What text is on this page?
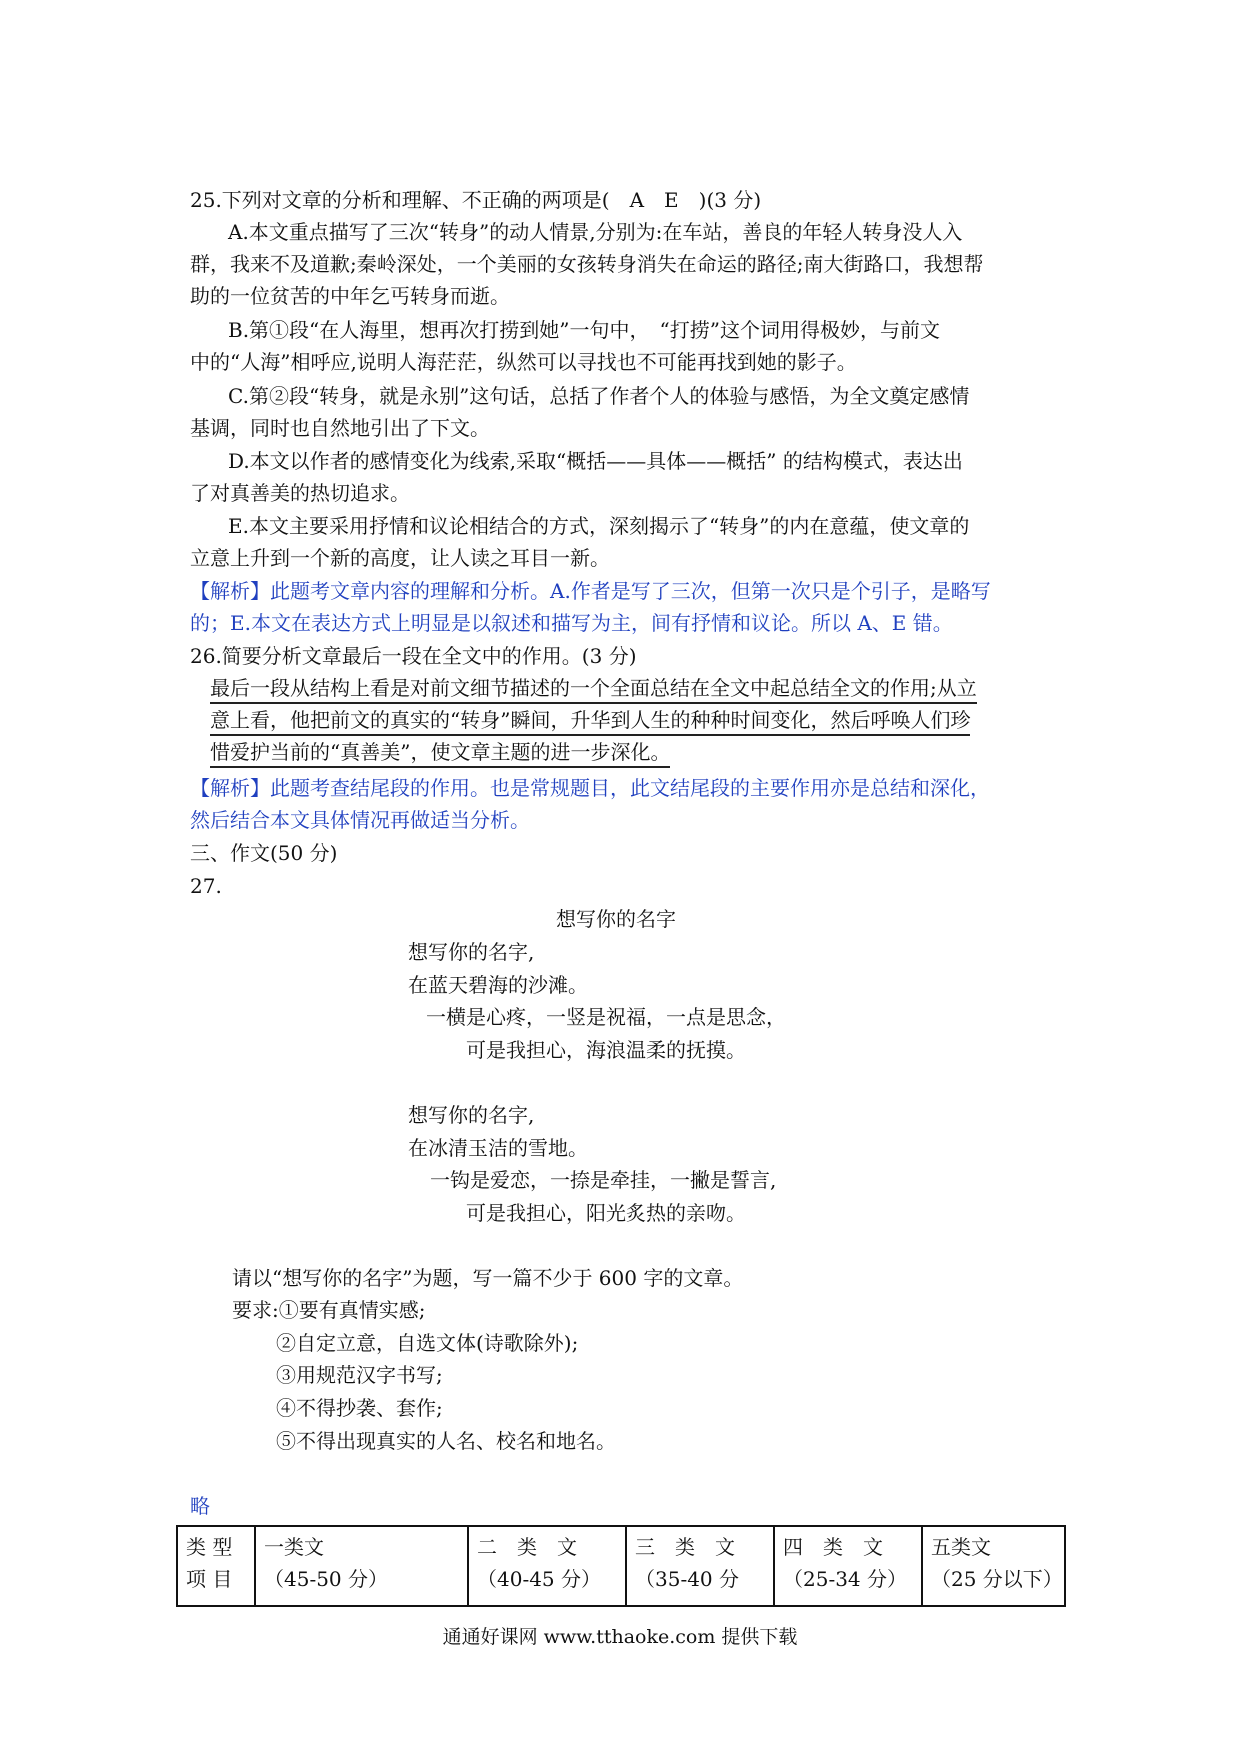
25.下列对文章的分析和理解、不正确的两项是(　A　E　)(3 分)
A.本文重点描写了三次“转身”的动人情景,分别为:在车站，善良的年轻人转身没人入
群，我来不及道歉;秦岭深处，一个美丽的女孩转身消失在命运的路径;南大街路口，我想帮
助的一位贫苦的中年乞丐转身而逝。
B.第①段“在人海里，想再次打捞到她”一句中，　“打捞”这个词用得极妙，与前文
中的“人海”相呼应,说明人海茫茫，纵然可以寻找也不可能再找到她的影子。
C.第②段“转身，就是永别”这句话，总括了作者个人的体验与感悟，为全文奠定感情
基调，同时也自然地引出了下文。
D.本文以作者的感情变化为线索,采取“概括——具体——概括” 的结构模式，表达出
了对真善美的热切追求。
E.本文主要采用抒情和议论相结合的方式，深刻揭示了“转身”的内在意蕴，使文章的
立意上升到一个新的高度，让人读之耳目一新。
【解析】此题考文章内容的理解和分析。A.作者是写了三次，但第一次只是个引子，是略写
的；E.本文在表达方式上明显是以叙述和描写为主，间有抒情和议论。所以 A、E 错。
26.简要分析文章最后一段在全文中的作用。(3 分)
最后一段从结构上看是对前文细节描述的一个全面总结在全文中起总结全文的作用;从立
意上看，他把前文的真实的“转身”瞬间，升华到人生的种种时间变化，然后呼唤人们珍
惜爱护当前的“真善美”，使文章主题的进一步深化。
【解析】此题考查结尾段的作用。也是常规题目，此文结尾段的主要作用亦是总结和深化，
然后结合本文具体情况再做适当分析。
三、作文(50 分)
27.
想写你的名字
想写你的名字,
在蓝天碧海的沙滩。
一横是心疼，一竖是祝福，一点是思念，
可是我担心，海浪温柔的抚摸。
想写你的名字,
在冰清玉洁的雪地。
一钩是爱恋，一捺是牵挂，一撇是誓言,
可是我担心，阳光炙热的亲吻。
请以“想写你的名字”为题，写一篇不少于 600 字的文章。
要求:①要有真情实感;
②自定立意，自选文体(诗歌除外);
③用规范汉字书写;
④不得抄袭、套作;
⑤不得出现真实的人名、校名和地名。
略
类 型
项 目

一类文
（45-50 分）

二　类　文
（40-45 分）

三　类　文
（35-40 分

四　类　文
（25-34 分）

五类文
（25 分以下）
通通好课网 www.tthaoke.com 提供下载
